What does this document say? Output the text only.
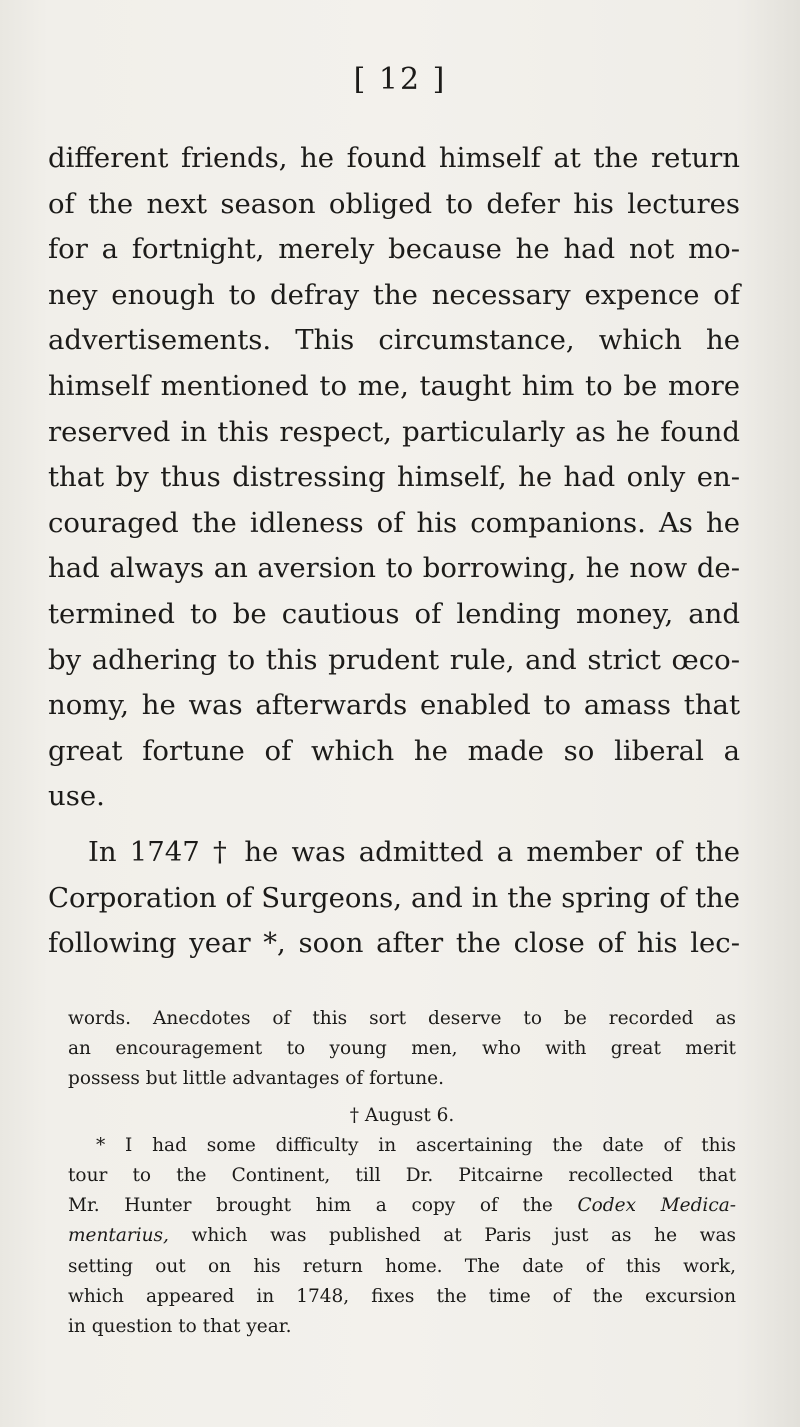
[ 12 ]
different friends, he found himself at the return
of the next season obliged to defer his lectures
for a fortnight, merely because he had not mo-
ney enough to defray the necessary expence of
advertisements. This circumstance, which he
himself mentioned to me, taught him to be more
reserved in this respect, particularly as he found
that by thus distressing himself, he had only en-
couraged the idleness of his companions. As he
had always an aversion to borrowing, he now de-
termined to be cautious of lending money, and
by adhering to this prudent rule, and strict œco-
nomy, he was afterwards enabled to amass that
great fortune of which he made so liberal a
use.
In 1747 † he was admitted a member of the
Corporation of Surgeons, and in the spring of the
following year *, soon after the close of his lec-
words. Anecdotes of this sort deserve to be recorded as
an encouragement to young men, who with great merit
possess but little advantages of fortune.
† August 6.
* I had some difficulty in ascertaining the date of this
tour to the Continent, till Dr. Pitcairne recollected that
Mr. Hunter brought him a copy of the Codex Medica-
mentarius, which was published at Paris just as he was
setting out on his return home. The date of this work,
which appeared in 1748, fixes the time of the excursion
in question to that year.
